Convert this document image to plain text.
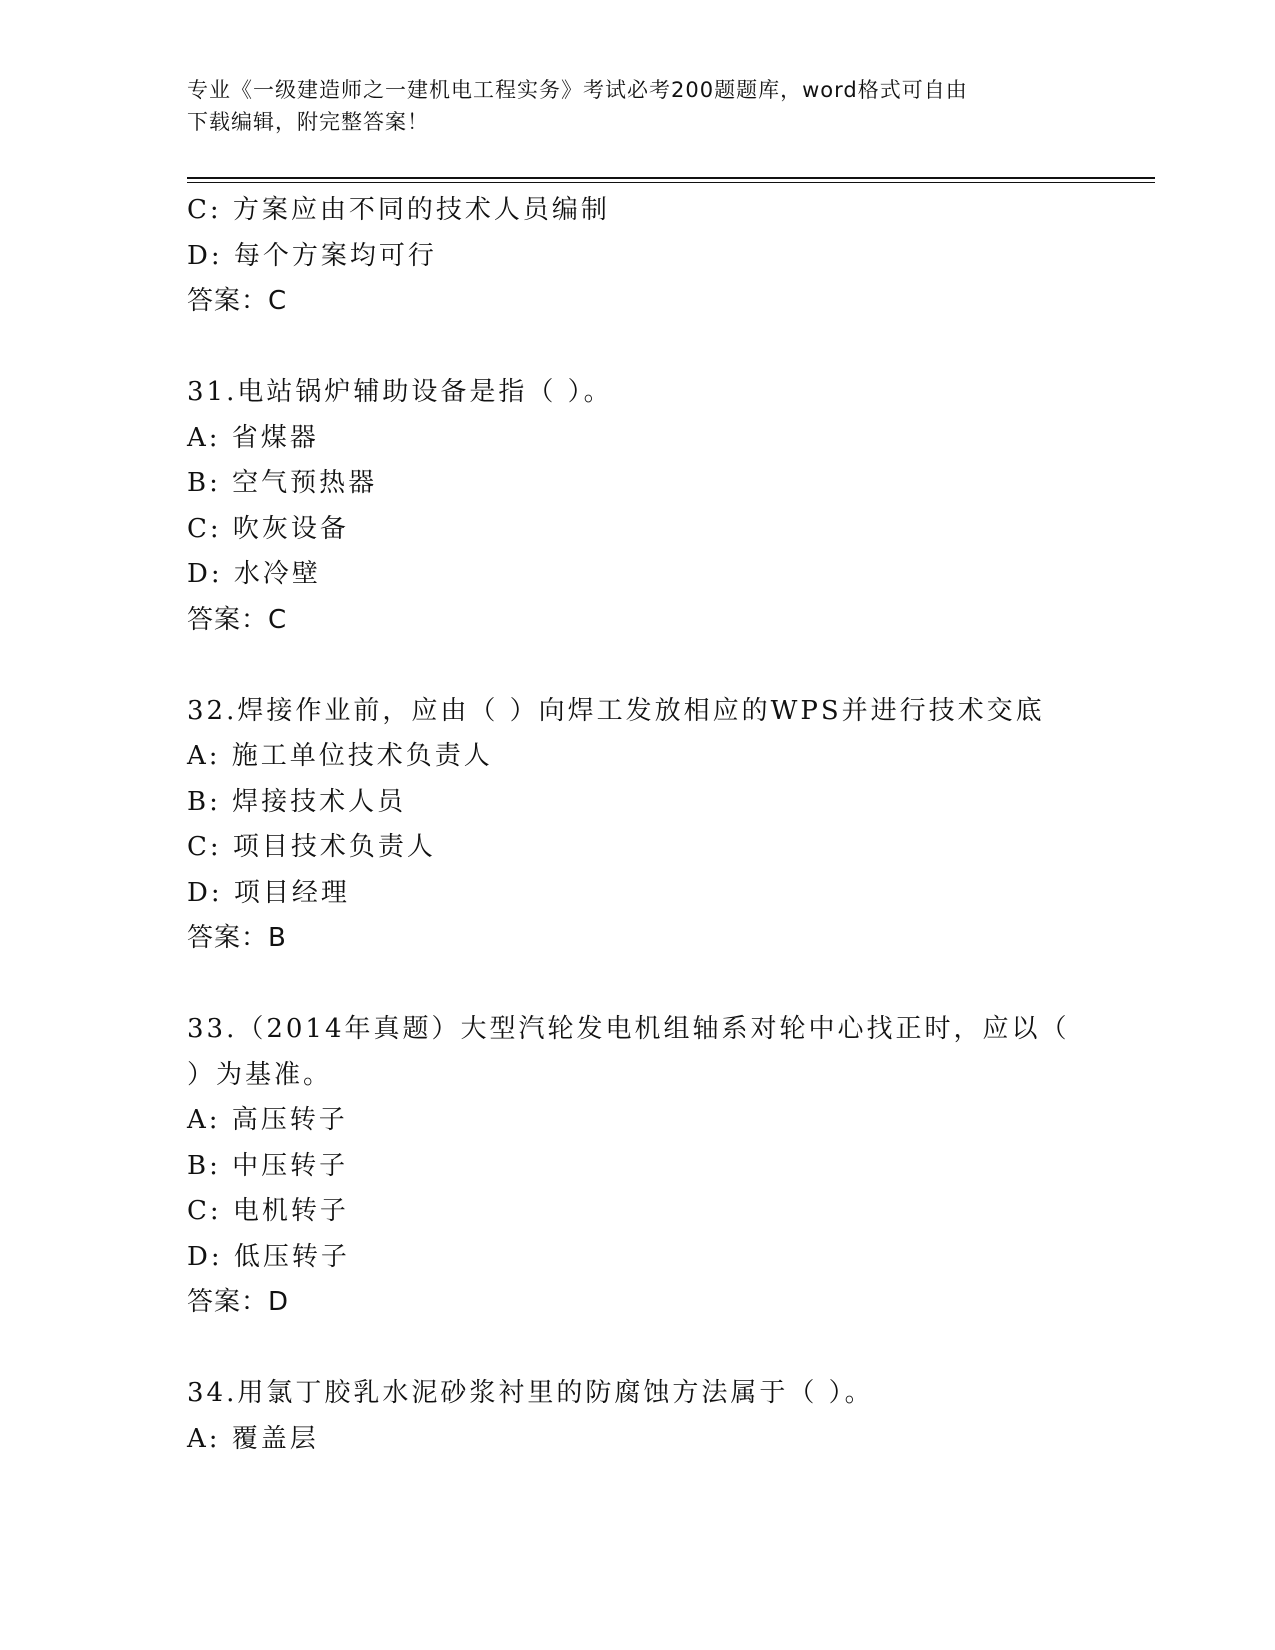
专业《一级建造师之一建机电工程实务》考试必考200题题库，word格式可自由
下载编辑，附完整答案！
C: 方案应由不同的技术人员编制
D: 每个方案均可行
答案：C
31.电站锅炉辅助设备是指（ ）。
A: 省煤器
B: 空气预热器
C: 吹灰设备
D: 水冷壁
答案：C
32.焊接作业前，应由（ ）向焊工发放相应的WPS并进行技术交底
A: 施工单位技术负责人
B: 焊接技术人员
C: 项目技术负责人
D: 项目经理
答案：B
33.（2014年真题）大型汽轮发电机组轴系对轮中心找正时，应以（
）为基准。
A: 高压转子
B: 中压转子
C: 电机转子
D: 低压转子
答案：D
34.用氯丁胶乳水泥砂浆衬里的防腐蚀方法属于（ ）。
A: 覆盖层
